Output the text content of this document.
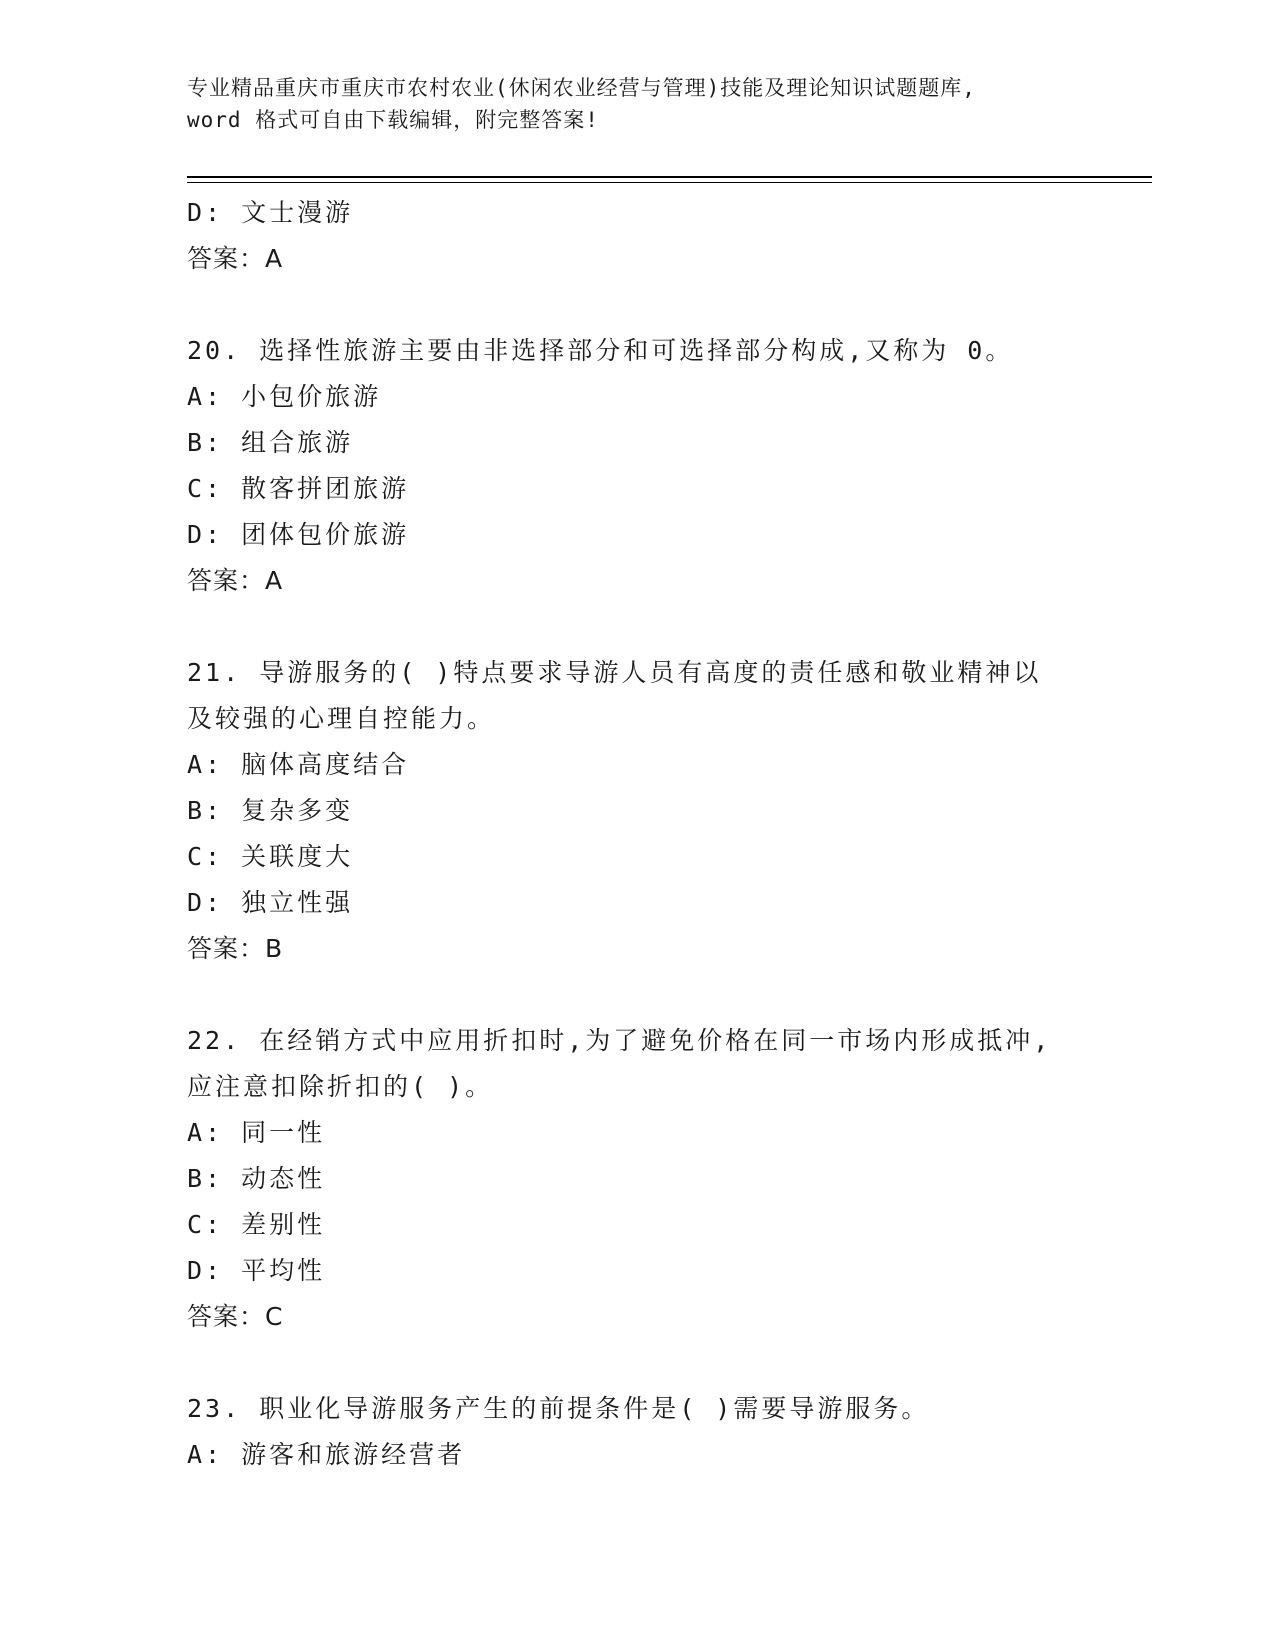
专业精品重庆市重庆市农村农业(休闲农业经营与管理)技能及理论知识试题题库,
word 格式可自由下载编辑，附完整答案!
D: 文士漫游
答案：A
20. 选择性旅游主要由非选择部分和可选择部分构成,又称为 0。
A: 小包价旅游
B: 组合旅游
C: 散客拼团旅游
D: 团体包价旅游
答案：A
21. 导游服务的( )特点要求导游人员有高度的责任感和敬业精神以
及较强的心理自控能力。
A: 脑体高度结合
B: 复杂多变
C: 关联度大
D: 独立性强
答案：B
22. 在经销方式中应用折扣时,为了避免价格在同一市场内形成抵冲,
应注意扣除折扣的( )。
A: 同一性
B: 动态性
C: 差别性
D: 平均性
答案：C
23. 职业化导游服务产生的前提条件是( )需要导游服务。
A: 游客和旅游经营者
